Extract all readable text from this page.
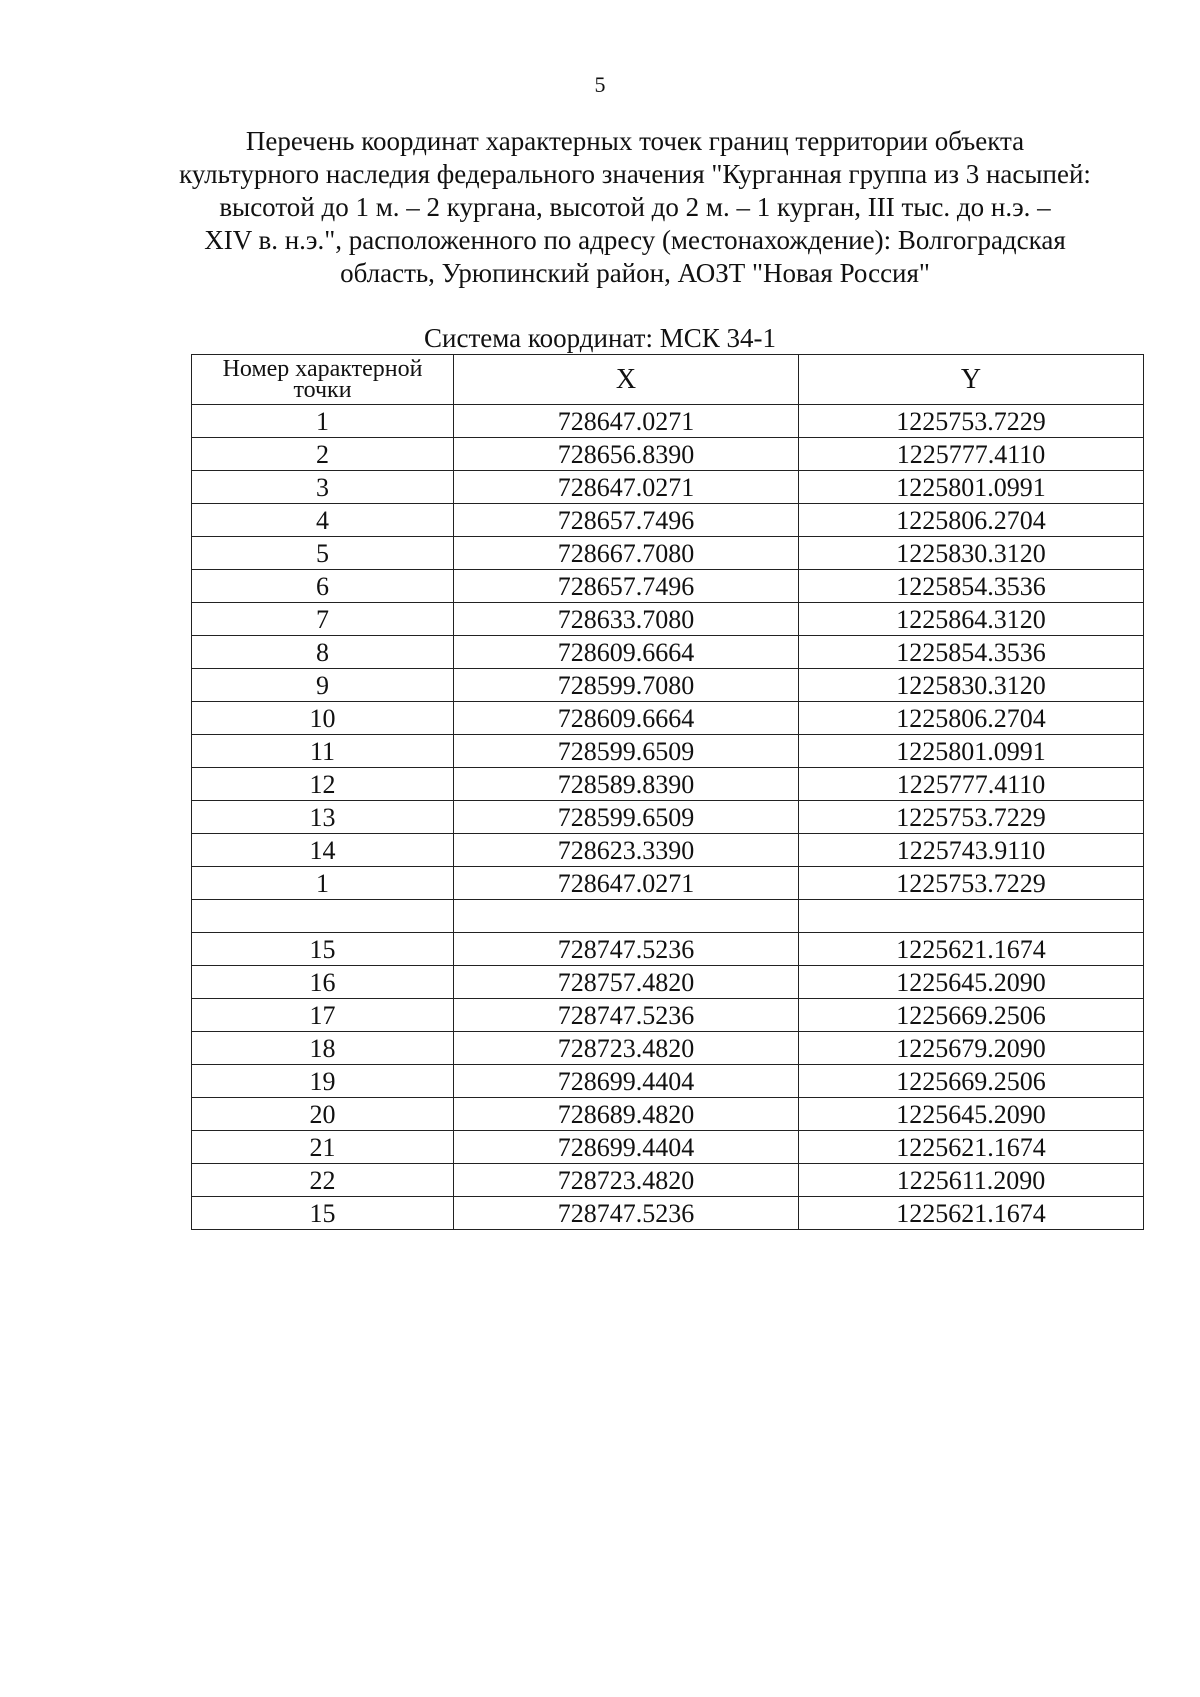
5
Перечень координат характерных точек границ территории объекта
культурного наследия федерального значения "Курганная группа из 3 насыпей:
высотой до 1 м. – 2 кургана, высотой до 2 м. – 1 курган, III тыс. до н.э. –
XIV в. н.э.", расположенного по адресу (местонахождение): Волгоградская
область, Урюпинский район, АОЗТ "Новая Россия"
Система координат: МСК 34-1
Номер характерной точки	X	Y
1	728647.0271	1225753.7229
2	728656.8390	1225777.4110
3	728647.0271	1225801.0991
4	728657.7496	1225806.2704
5	728667.7080	1225830.3120
6	728657.7496	1225854.3536
7	728633.7080	1225864.3120
8	728609.6664	1225854.3536
9	728599.7080	1225830.3120
10	728609.6664	1225806.2704
11	728599.6509	1225801.0991
12	728589.8390	1225777.4110
13	728599.6509	1225753.7229
14	728623.3390	1225743.9110
1	728647.0271	1225753.7229

15	728747.5236	1225621.1674
16	728757.4820	1225645.2090
17	728747.5236	1225669.2506
18	728723.4820	1225679.2090
19	728699.4404	1225669.2506
20	728689.4820	1225645.2090
21	728699.4404	1225621.1674
22	728723.4820	1225611.2090
15	728747.5236	1225621.1674
